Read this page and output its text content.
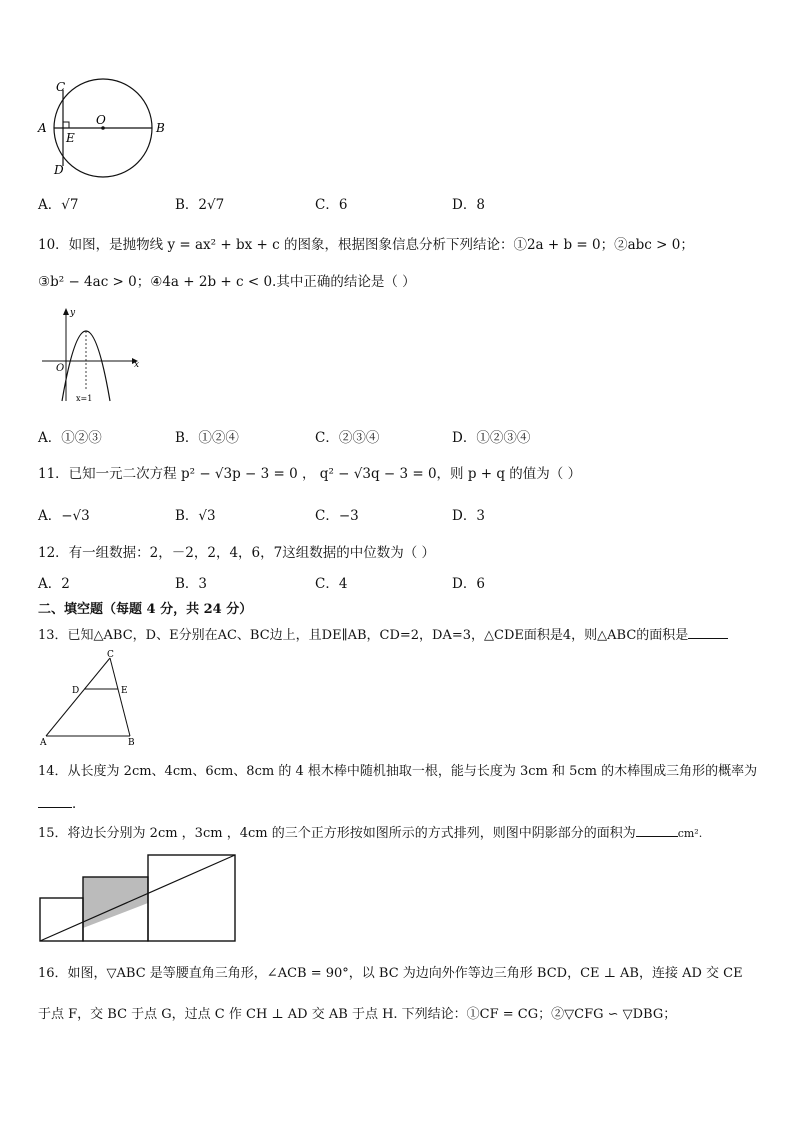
C
A
O
B
E
D
A．√7	B．2√7	C．6	D．8
10．如图，是抛物线 y = ax² + bx + c 的图象，根据图象信息分析下列结论：①2a + b = 0；②abc > 0；
③b² − 4ac > 0；④4a + 2b + c < 0.其中正确的结论是（ ）
y
x
O
x=1
A．①②③	B．①②④	C．②③④	D．①②③④
11．已知一元二次方程 p² − √3p − 3 = 0 ， q² − √3q − 3 = 0，则 p + q 的值为（ ）
A．−√3	B．√3	C．−3	D．3
12．有一组数据：2，－2，2，4，6，7这组数据的中位数为（ ）
A．2	B．3	C．4	D．6
二、填空题（每题 4 分，共 24 分）
13．已知△ABC，D、E分别在AC、BC边上，且DE∥AB，CD=2，DA=3，△CDE面积是4，则△ABC的面积是
C
D	E
A	B
14．从长度为 2cm、4cm、6cm、8cm 的 4 根木棒中随机抽取一根，能与长度为 3cm 和 5cm 的木棒围成三角形的概率为
．
15．将边长分别为 2cm ，3cm ，4cm 的三个正方形按如图所示的方式排列，则图中阴影部分的面积为	cm².
16．如图，▽ABC 是等腰直角三角形，∠ACB = 90°，以 BC 为边向外作等边三角形 BCD，CE ⊥ AB，连接 AD 交 CE
于点 F，交 BC 于点 G，过点 C 作 CH ⊥ AD 交 AB 于点 H. 下列结论：①CF = CG；②▽CFG ∽ ▽DBG；
